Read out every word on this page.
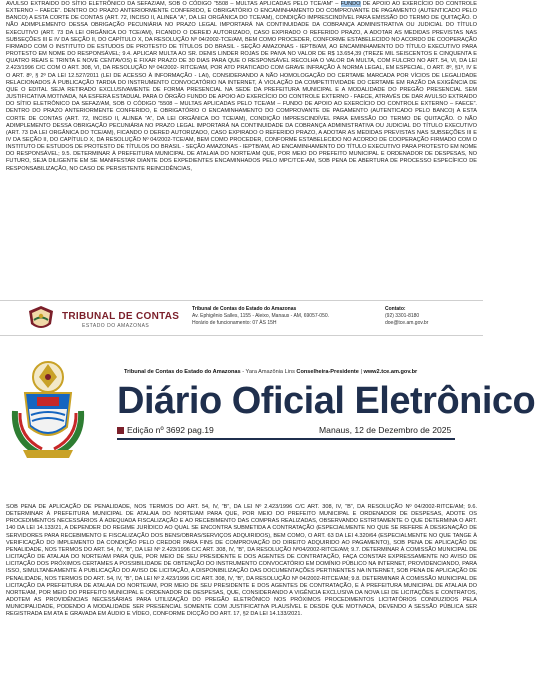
AVULSO EXTRAIDO DO SÍTIO ELETRÔNICO DA SEFAZ/AM, SOB O CÓDIGO “5508 – MULTAS APLICADAS PELO TCE/AM” – FUNDO DE APOIO AO EXERCÍCIO DO CONTROLE EXTERNO – FAECE”. DENTRO DO PRAZO ANTERIORMENTE CONFERIDO, E OBRIGATÓRIO O ENCAMINHAMENTO DO COMPROVANTE DE PAGAMENTO (AUTENTICADO PELO BANCO) A ESTA CORTE DE CONTAS (ART. 72, INCISO II, ALINEA “A”, DA LEI ORGÂNICA DO TCE/AM), CONDIÇÃO IMPRESCINDÍVEL PARA EMISSÃO DO TERMO DE QUITAÇÃO. O NÃO ADIMPLEMENTO DESSA OBRIGAÇÃO PECUNIÁRIA NO PRAZO LEGAL IMPORTARÁ NA CONTINUIDADE DA COBRANÇA ADMINISTRATIVA OU JUDICIAL DO TÍTULO EXECUTIVO (ART. 73 DA LEI ORGÂNICA DO TCE/AM), FICANDO O DEREID AUTORIZADO, CASO EXPIRADO O REFERIDO PRAZO, A ADOTAR AS MEDIDAS PREVISTAS NAS SUBSEÇÕES III E IV DA SEÇÃO II, DO CAPÍTULO X, DA RESOLUÇÃO Nº 04/2002-TCE/AM, BEM COMO PROCEDER, CONFORME ESTABELECIDO NO ACORDO DE COOPERAÇÃO FIRMADO COM O INSTITUTO DE ESTUDOS DE PROTESTO DE TÍTULOS DO BRASIL - SEÇÃO AMAZONAS - IEPTB/AM, AO ENCAMINHAMENTO DO TÍTULO EXECUTIVO PARA PROTESTO EM NOME DO RESPONSÁVEL; 9.4. APLICAR MULTA AO SR. DENIS LINDER ROJAS DE PAIVA NO VALOR DE R$ 13.654,39 (TREZE MIL SEISCENTOS E CINQUENTA E QUATRO REAIS E TRINTA E NOVE CENTAVOS) E FIXAR PRAZO DE 30 DIAS PARA QUE O RESPONSÁVEL RECOLHA O VALOR DA MULTA, COM FULCRO NO ART. 54, VI, DA LEI 2.423/1996 C/C COM O ART. 308, VI, DA RESOLUÇÃO Nº 04/2002- RITCE/AM, POR ATO PRATICADO COM GRAVE INFRAÇÃO À NORMA LEGAL, EM ESPECIAL, O ART. 8º, §1º, IV E O ART. 8º, § 2º DA LEI 12.527/2011 (LEI DE ACESSO À INFORMAÇÃO - LAI), CONSIDERANDO A NÃO HOMOLOGAÇÃO DO CERTAME MARCADA POR VÍCIOS DE LEGALIDADE RELACIONADOS À PUBLICAÇÃO TARDIA DO INSTRUMENTO CONVOCATÓRIO NA INTERNET, À VIOLAÇÃO DA COMPETITIVIDADE DO CERTAME EM RAZÃO DA EXIGÊNCIA DE QUE O EDITAL SEJA RETIRADO EXCLUSIVAMENTE DE FORMA PRESENCIAL NA SEDE DA PREFEITURA MUNICIPAL E A MODALIDADE DO PREGÃO PRESENCIAL SEM JUSTIFICATIVA MOTIVADA, NA ESFERA ESTADUAL PARA O ÓRGÃO FUNDO DE APOIO AO EXERCÍCIO DO CONTROLE EXTERNO - FAECE, ATRAVÉS DE DAR AVULSO EXTRAIDO DO SÍTIO ELETRÔNICO DA SEFAZ/AM, SOB O CÓDIGO “5508 – MULTAS APLICADAS PELO TCE/AM – FUNDO DE APOIO AO EXERCÍCIO DO CONTROLE EXTERNO – FAECE”. DENTRO DO PRAZO ANTERIORMENTE CONFERIDO, E OBRIGATÓRIO O ENCAMINHAMENTO DO COMPROVANTE DE PAGAMENTO (AUTENTICADO PELO BANCO) A ESTA CORTE DE CONTAS (ART. 72, INCISO II, ALINEA “A”, DA LEI ORGÂNICA DO TCE/AM), CONDIÇÃO IMPRESCINDÍVEL PARA EMISSÃO DO TERMO DE QUITAÇÃO. O NÃO ADIMPLEMENTO DESSA OBRIGAÇÃO PECUNIÁRIA NO PRAZO LEGAL IMPORTARÁ NA CONTINUIDADE DA COBRANÇA ADMINISTRATIVA OU JUDICIAL DO TÍTULO EXECUTIVO (ART. 73 DA LEI ORGÂNICA DO TCE/AM), FICANDO O DERED AUTORIZADO, CASO EXPIRADO O REFERIDO PRAZO, A ADOTAR AS MEDIDAS PREVISTAS NAS SUBSEÇÕES III E IV DA SEÇÃO II, DO CAPÍTULO X, DA RESOLUÇÃO Nº 04/2002-TCE/AM, BEM COMO PROCEDER, CONFORME ESTABELECIDO NO ACORDO DE COOPERAÇÃO FIRMADO COM O INSTITUTO DE ESTUDOS DE PROTESTO DE TÍTULOS DO BRASIL - SEÇÃO AMAZONAS - IEPTB/AM, AO ENCAMINHAMENTO DO TÍTULO EXECUTIVO PARA PROTESTO EM NOME DO RESPONSÁVEL; 9.5. DETERMINAR À PREFEITURA MUNICIPAL DE ATALAIA DO NORTE/AM QUE, POR MEIO DO PREFEITO MUNICIPAL E ORDENADOR DE DESPESAS, NO FUTURO, SEJA DILIGENTE EM SE MANIFESTAR DIANTE DOS EXPEDIENTES ENCAMINHADOS PELO MPC/TCE-AM, SOB PENA DE ABERTURA DE PROCESSO ESPECÍFICO DE RESPONSABILIZAÇÃO, NO CASO DE PERSISTENTE REINCIDÊNCIAS,
TRIBUNAL DE CONTAS
ESTADO DO AMAZONAS
Tribunal de Contas do Estado do Amazonas
Av. Ephigênio Salles, 1155 - Aleixo, Manaus - AM, 69057-050.
Horário de funcionamento: 07 ÀS 15H
Contato:
(92) 3301-8180
doe@tce.am.gov.br
Tribunal de Contas do Estado do Amazonas - Yara Amazônia Lins Conselheira-Presidente | www2.tce.am.gov.br
Diário Oficial Eletrônico
Edição nº 3692 pag.19	Manaus, 12 de Dezembro de 2025
SOB PENA DE APLICAÇÃO DE PENALIDADE, NOS TERMOS DO ART. 54, IV, “B”, DA LEI Nº 2.423/1996 C/C ART. 308, IV, “B”, DA RESOLUÇÃO Nº 04/2002-RITCE/AM; 9.6. DETERMINAR À PREFEITURA MUNICIPAL DE ATALAIA DO NORTE/AM PARA QUE, POR MEIO DO PREFEITO MUNICIPAL E ORDENADOR DE DESPESAS, ADOTE OS PROCEDIMENTOS NECESSÁRIOS À ADEQUADA FISCALIZAÇÃO E AO RECEBIMENTO DAS COMPRAS REALIZADAS, OBSERVANDO ESTRITAMENTE O QUE DETERMINA O ART. 140 DA LEI 14.133/21, A DEPENDER DO REGIME JURÍDICO AO QUAL SE ENCONTRA SUBMETIDA A CONTRATAÇÃO (ESPECIALMENTE NO QUE SE REFERE À DESIGNAÇÃO DE SERVIDORES PARA RECEBIMENTO E FISCALIZAÇÃO DOS BENS/OBRAS/SERVIÇOS ADQUIRIDOS), BEM COMO, O ART. 63 DA LEI 4.320/64 (ESPECIALMENTE NO QUE TANGE À VERIFICAÇÃO DO IMPLEMENTO DA CONDIÇÃO PELO CREDOR PARA FINS DE COMPROVAÇÃO DO DIREITO ADQUIRIDO AO PAGAMENTO), SOB PENA DE APLICAÇÃO DE PENALIDADE, NOS TERMOS DO ART. 54, IV, “B”, DA LEI Nº 2.423/1996 C/C ART. 308, IV, “B”, DA RESOLUÇÃO Nº04/2002-RITCE/AM; 9.7. DETERMINAR À COMISSÃO MUNICIPAL DE LICITAÇÃO DE ATALAIA DO NORTE/AM PARA QUE, POR MEIO DE SEU PRESIDENTE E DOS AGENTES DE CONTRATAÇÃO, FAÇA CONSTAR EXPRESSAMENTE NO AVISO DE LICITAÇÃO DOS PRÓXIMOS CERTAMES A POSSIBILIDADE DE OBTENÇÃO DO INSTRUMENTO CONVOCATÓRIO EM DOMÍNIO PÚBLICO NA INTERNET, PROVIDENCIANDO, PARA ISSO, SIMULTANEAMENTE À PUBLICAÇÃO DO AVISO DE LICITAÇÃO, A DISPONIBILIZAÇÃO DAS DOCUMENTAÇÕES PERTINENTES NA INTERNET, SOB PENA DE APLICAÇÃO DE PENALIDADE, NOS TERMOS DO ART. 54, IV, “B”, DA LEI Nº 2.423/1996 C/C ART. 308, IV, “B”, DA RESOLUÇÃO Nº 04/2002-RITCE/AM; 9.8. DETERMINAR À COMISSÃO MUNICIPAL DE LICITAÇÃO DA PREFEITURA DE ATALAIA DO NORTE/AM, POR MEIO DE SEU PRESIDENTE E DOS AGENTES DE CONTRATAÇÃO, E À PREFEITURA MUNICIPAL DE ATALAIA DO NORTE/AM, POR MEIO DO PREFEITO MUNICIPAL E ORDENADOR DE DESPESAS, QUE, CONSIDERANDO A VIGÊNCIA EXCLUSIVA DA NOVA LEI DE LICITAÇÕES E CONTRATOS, ADOTEM AS PROVIDÊNCIAS NECESSÁRIAS PARA UTILIZAÇÃO DO PREGÃO ELETRÔNICO NOS PRÓXIMOS PROCEDIMENTOS LICITATÓRIOS CONDUZIDOS PELA MUNICIPALIDADE, PODENDO A MODALIDADE SER PRESENCIAL SOMENTE COM JUSTIFICATIVA PLAUSÍVEL E DESDE QUE MOTIVADA, DEVENDO A SESSÃO PÚBLICA SER REGISTRADA EM ATA E GRAVADA EM ÁUDIO E VÍDEO, CONFORME DICÇÃO DO ART. 17, §2 DA LEI 14.133/2021.
